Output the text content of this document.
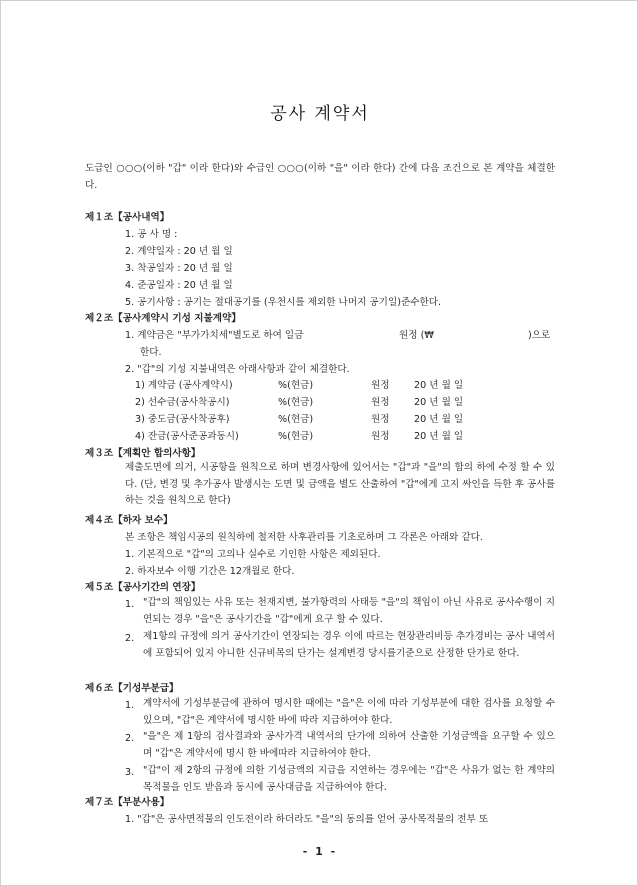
공사 계약서
도급인 ○○○(이하 "갑" 이라 한다)와 수급인 ○○○(이하 "을" 이라 한다) 간에 다음 조건으로 본 계약을 체결한다.
제１조【공사내역】
1. 공 사 명 :
2. 계약일자 : 20 년 월 일
3. 착공일자 : 20 년 월 일
4. 준공일자 : 20 년 월 일
5. 공기사항 : 공기는 절대공기를 (우천시를 제외한 나머지 공기일)준수한다.
제２조【공사계약시 기성 지불계약】
1. 계약금은 "부가가치세"별도로 하여 일금	원정 (₩	)으로
한다.
2. "갑"의 기성 지불내역은 아래사항과 같이 체결한다.
1) 계약금 (공사계약시)	%(현금)	원정	20 년 월 일
2) 선수금(공사착공시)	%(현금)	원정	20 년 월 일
3) 중도금(공사착공후)	%(현금)	원정	20 년 월 일
4) 잔금(공사준공과동시)	%(현금)	원정	20 년 월 일
제３조【계획안 합의사항】
제출도면에 의거, 시공항을 원칙으로 하며 변경사항에 있어서는 "갑"과 "을"의 합의 하에 수정 할 수 있다. (단, 변경 및 추가공사 발생시는 도면 및 금액을 별도 산출하여 "갑"에게 고지 싸인을 득한 후 공사를 하는 것을 원칙으로 한다)
제４조【하자 보수】
본 조항은 책임시공의 원칙하에 철저한 사후관리를 기초로하며 그 각론은 아래와 같다.
1. 기본적으로 "갑"의 고의나 실수로 기인한 사항은 제외된다.
2. 하자보수 이행 기간은 12개월로 한다.
제５조【공사기간의 연장】
1. "갑"의 책임있는 사유 또는 천재지변, 불가항력의 사태등 "을"의 책임이 아닌 사유로 공사수행이 지연되는 경우 "을"은 공사기간을 "갑"에게 요구 할 수 있다.
2. 제1항의 규정에 의거 공사기간이 연장되는 경우 이에 따르는 현장관리비등 추가경비는 공사 내역서에 포함되어 있지 아니한 신규비목의 단가는 설계변경 당시를기준으로 산정한 단가로 한다.
제６조【기성부분급】
1. 계약서에 기성부분급에 관하여 명시한 때에는 "을"은 이에 따라 기성부분에 대한 검사를 요청할 수 있으며, "갑"은 계약서에 명시한 바에 따라 지급하여야 한다.
2. "을"은 제 1항의 검사결과와 공사가격 내역서의 단가에 의하여 산출한 기성금액을 요구할 수 있으며 "갑"은 계약서에 명시 한 바에따라 지급하여야 한다.
3. "갑"이 제 2항의 규정에 의한 기성금액의 지급을 지연하는 경우에는 "갑"은 사유가 없는 한 계약의 목적물을 인도 받음과 동시에 공사대금을 지급하여야 한다.
제７조【부분사용】
1. "갑"은 공사면적물의 인도전이라 하더라도 "을"의 동의를 얻어 공사목적물의 전부 또
- 1 -
